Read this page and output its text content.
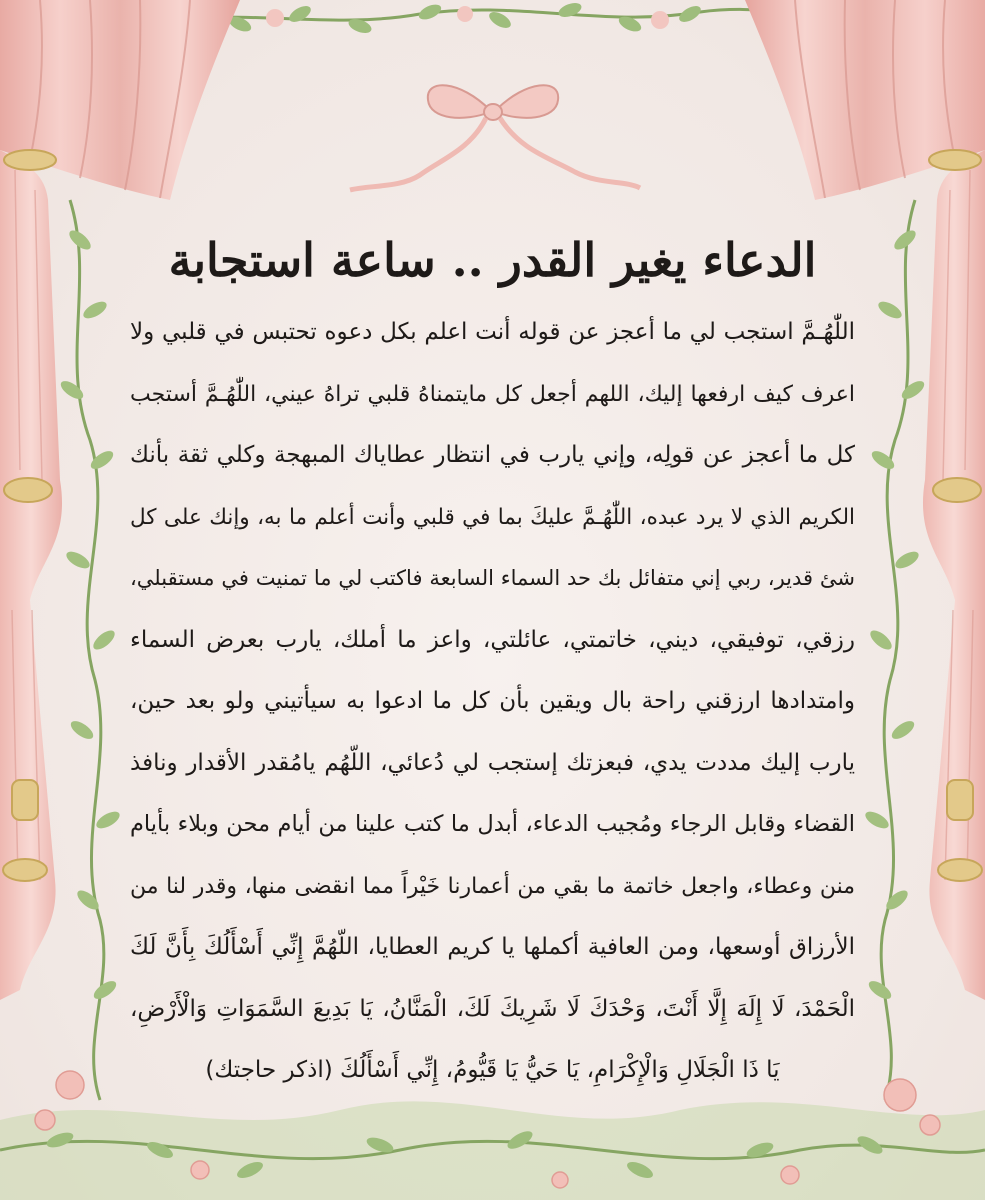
الدعاء يغير القدر .. ساعة استجابة
اللّٰهُـمَّ استجب لي ما أعجز عن قوله أنت اعلم بكل دعوه تحتبس في قلبي ولا
اعرف كيف ارفعها إليك، اللهم أجعل كل مايتمناهُ قلبي تراهُ عيني، اللّٰهُـمَّ أستجب
كل ما أعجز عن قولِه، وإني يارب في انتظار عطاياك المبهجة وكلي ثقة بأنك
الكريم الذي لا يرد عبده، اللّٰهُـمَّ عليكَ بما في قلبي وأنت أعلم ما به، وإنك على كل
شئ قدير، ربي إني متفائل بك حد السماء السابعة فاكتب لي ما تمنيت في مستقبلي،
رزقي، توفيقي، ديني، خاتمتي، عائلتي، واعز ما أملك، يارب بعرض السماء
وامتدادها ارزقني راحة بال ويقين بأن كل ما ادعوا به سيأتيني ولو بعد حين،
يارب إليك مددت يدي، فبعزتك إستجب لي دُعائي، اللّهُم يامُقدر الأقدار ونافذ
القضاء وقابل الرجاء ومُجيب الدعاء، أبدل ما كتب علينا من أيام محن وبلاء بأيام
منن وعطاء، واجعل خاتمة ما بقي من أعمارنا خَيْراً مما انقضى منها، وقدر لنا من
الأرزاق أوسعها، ومن العافية أكملها يا كريم العطايا، اللّهُمَّ إِنِّي أَسْأَلُكَ بِأَنَّ لَكَ
الْحَمْدَ، لَا إِلَهَ إِلَّا أَنْتَ، وَحْدَكَ لَا شَرِيكَ لَكَ، الْمَنَّانُ، يَا بَدِيعَ السَّمَوَاتِ وَالْأَرْضِ،
يَا ذَا الْجَلَالِ وَالْإِكْرَامِ، يَا حَيُّ يَا قَيُّومُ، إِنِّي أَسْأَلُكَ (اذكر حاجتك)
